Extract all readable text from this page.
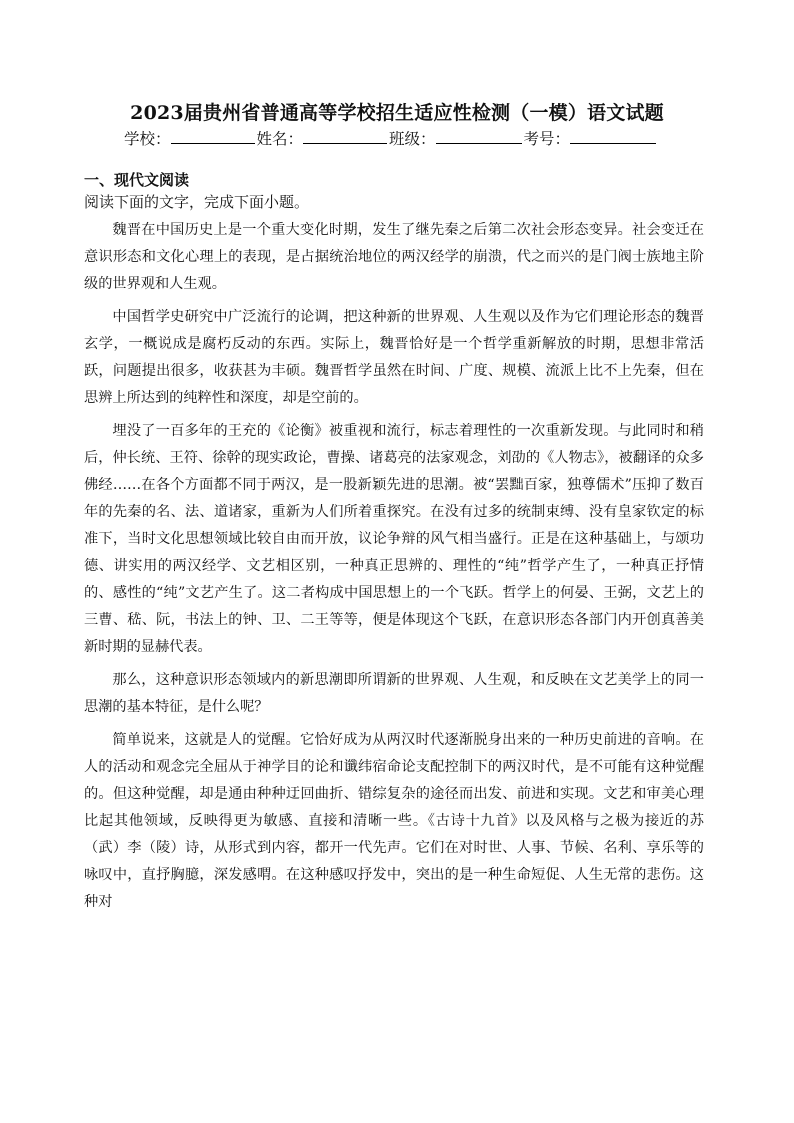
2023届贵州省普通高等学校招生适应性检测（一模）语文试题
学校：	姓名：	班级：	考号：
一、现代文阅读
阅读下面的文字，完成下面小题。

魏晋在中国历史上是一个重大变化时期，发生了继先秦之后第二次社会形态变异。社会变迁在意识形态和文化心理上的表现，是占据统治地位的两汉经学的崩溃，代之而兴的是门阀士族地主阶级的世界观和人生观。

中国哲学史研究中广泛流行的论调，把这种新的世界观、人生观以及作为它们理论形态的魏晋玄学，一概说成是腐朽反动的东西。实际上，魏晋恰好是一个哲学重新解放的时期，思想非常活跃，问题提出很多，收获甚为丰硕。魏晋哲学虽然在时间、广度、规模、流派上比不上先秦，但在思辨上所达到的纯粹性和深度，却是空前的。

埋没了一百多年的王充的《论衡》被重视和流行，标志着理性的一次重新发现。与此同时和稍后，仲长统、王符、徐幹的现实政论，曹操、诸葛亮的法家观念，刘劭的《人物志》，被翻译的众多佛经……在各个方面都不同于两汉，是一股新颖先进的思潮。被“罢黜百家，独尊儒术”压抑了数百年的先秦的名、法、道诸家，重新为人们所着重探究。在没有过多的统制束缚、没有皇家钦定的标准下，当时文化思想领域比较自由而开放，议论争辩的风气相当盛行。正是在这种基础上，与颂功德、讲实用的两汉经学、文艺相区别，一种真正思辨的、理性的“纯”哲学产生了，一种真正抒情的、感性的“纯”文艺产生了。这二者构成中国思想上的一个飞跃。哲学上的何晏、王弼，文艺上的三曹、嵇、阮，书法上的钟、卫、二王等等，便是体现这个飞跃，在意识形态各部门内开创真善美新时期的显赫代表。

那么，这种意识形态领域内的新思潮即所谓新的世界观、人生观，和反映在文艺美学上的同一思潮的基本特征，是什么呢？

简单说来，这就是人的觉醒。它恰好成为从两汉时代逐渐脱身出来的一种历史前进的音响。在人的活动和观念完全屈从于神学目的论和谶纬宿命论支配控制下的两汉时代，是不可能有这种觉醒的。但这种觉醒，却是通由种种迂回曲折、错综复杂的途径而出发、前进和实现。文艺和审美心理比起其他领域，反映得更为敏感、直接和清晰一些。《古诗十九首》以及风格与之极为接近的苏（武）李（陵）诗，从形式到内容，都开一代先声。它们在对时世、人事、节候、名利、享乐等的咏叹中，直抒胸臆，深发感喟。在这种感叹抒发中，突出的是一种生命短促、人生无常的悲伤。这种对
